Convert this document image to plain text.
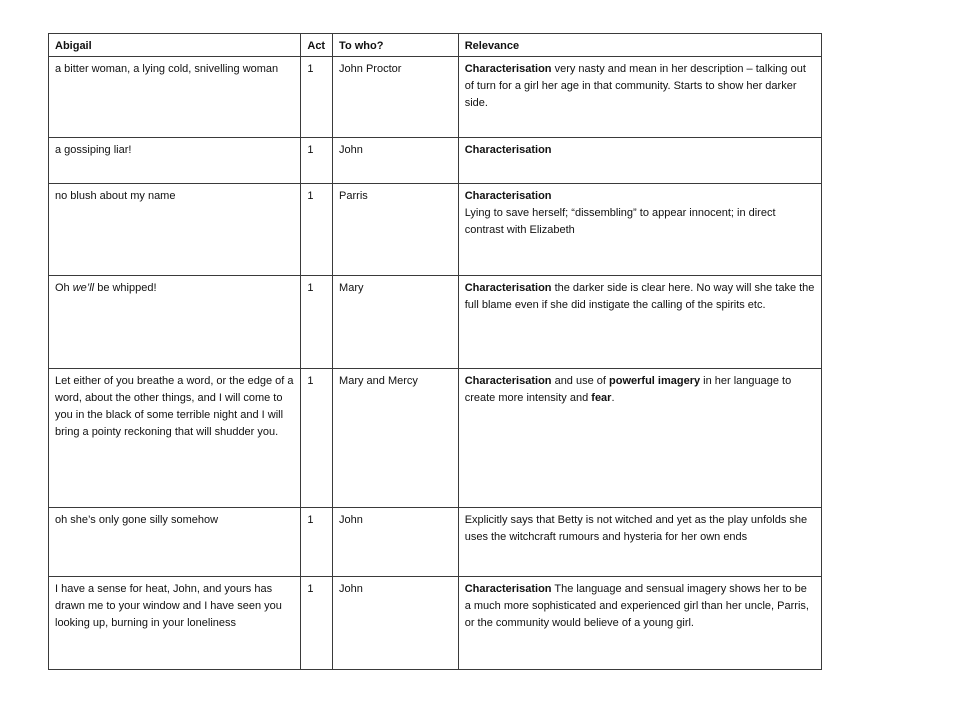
Abigail	Act	To who?	Relevance
a bitter woman, a lying cold, snivelling woman	1	John Proctor	Characterisation very nasty and mean in her description – talking out of turn for a girl her age in that community. Starts to show her darker side.
a gossiping liar!	1	John	Characterisation
no blush about my name	1	Parris	Characterisation
Lying to save herself; “dissembling” to appear innocent; in direct contrast with Elizabeth

Oh we’ll be whipped!	1	Mary	Characterisation the darker side is clear here. No way will she take the full blame even if she did instigate the calling of the spirits etc.
Let either of you breathe a word, or the edge of a word, about the other things, and I will come to you in the black of some terrible night and I will bring a pointy reckoning that will shudder you.	1	Mary and Mercy	Characterisation and use of powerful imagery in her language to create more intensity and fear.
oh she’s only gone silly somehow	1	John	Explicitly says that Betty is not witched and yet as the play unfolds she uses the witchcraft rumours and hysteria for her own ends
I have a sense for heat, John, and yours has drawn me to your window and I have seen you looking up, burning in your loneliness	1	John	Characterisation The language and sensual imagery shows her to be a much more sophisticated and experienced girl than her uncle, Parris, or the community would believe of a young girl.
